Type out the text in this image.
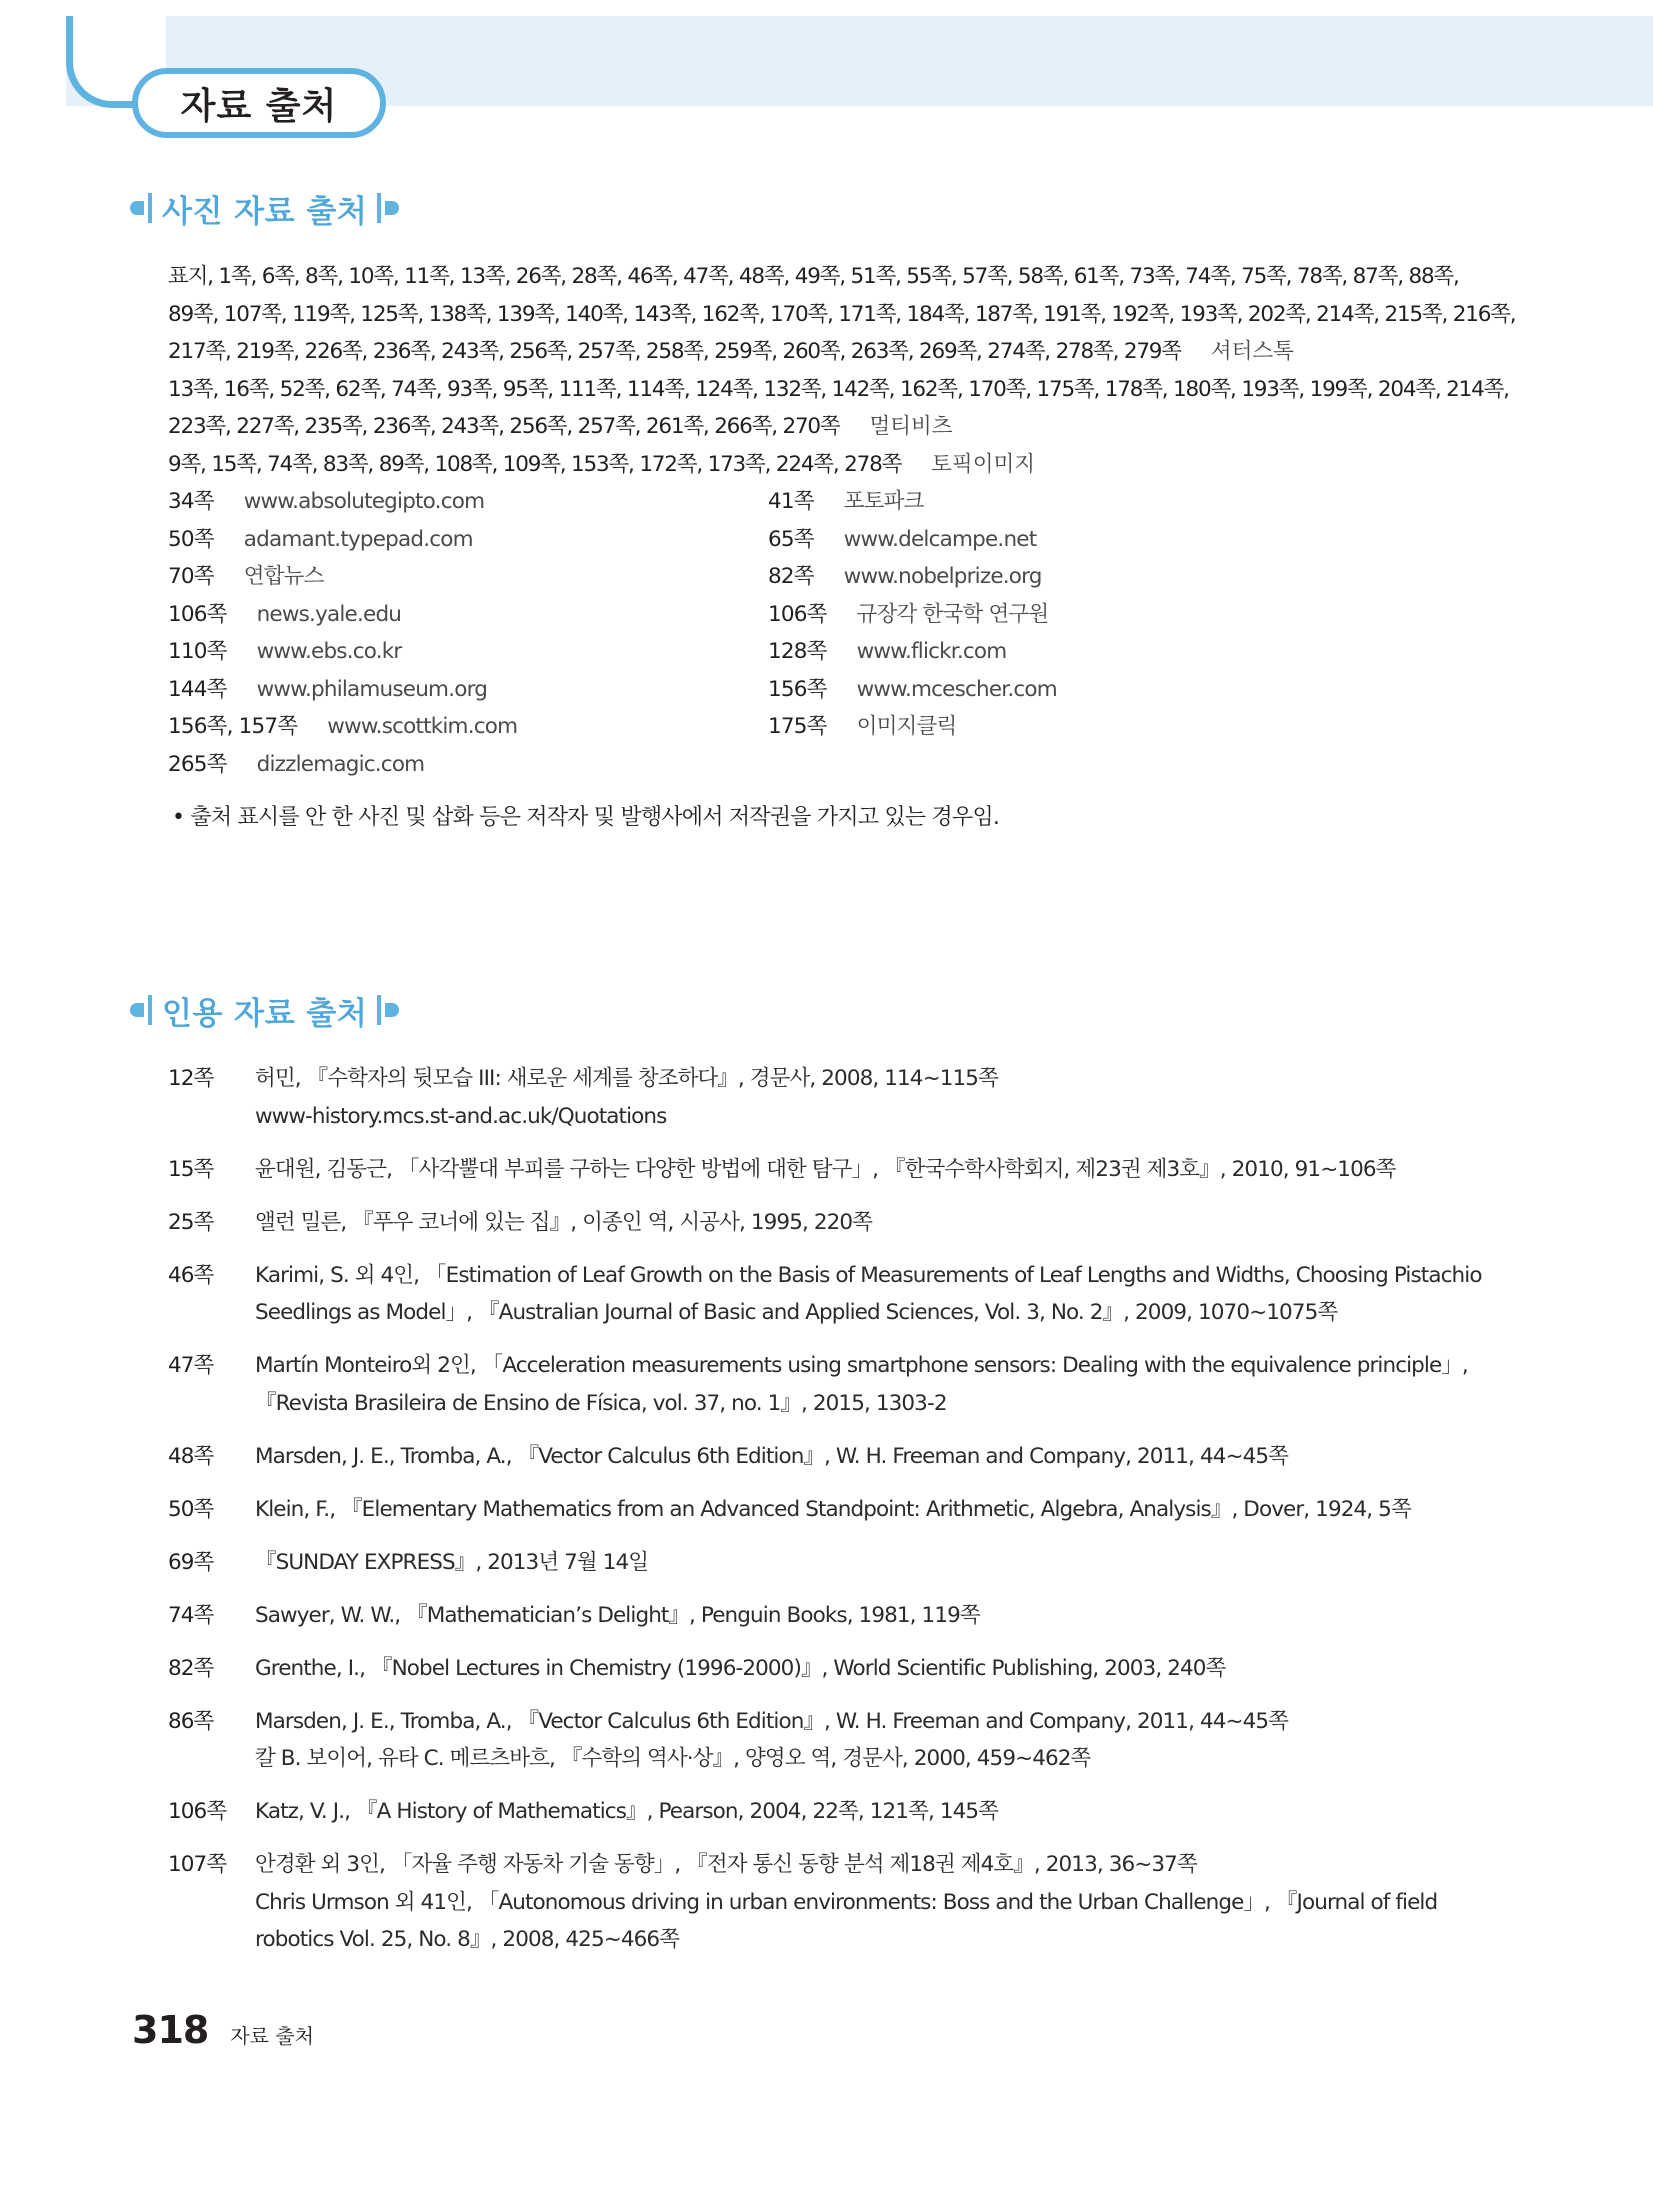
자료 출처
사진 자료 출처
표지, 1쪽, 6쪽, 8쪽, 10쪽, 11쪽, 13쪽, 26쪽, 28쪽, 46쪽, 47쪽, 48쪽, 49쪽, 51쪽, 55쪽, 57쪽, 58쪽, 61쪽, 73쪽, 74쪽, 75쪽, 78쪽, 87쪽, 88쪽,
89쪽, 107쪽, 119쪽, 125쪽, 138쪽, 139쪽, 140쪽, 143쪽, 162쪽, 170쪽, 171쪽, 184쪽, 187쪽, 191쪽, 192쪽, 193쪽, 202쪽, 214쪽, 215쪽, 216쪽,
217쪽, 219쪽, 226쪽, 236쪽, 243쪽, 256쪽, 257쪽, 258쪽, 259쪽, 260쪽, 263쪽, 269쪽, 274쪽, 278쪽, 279쪽 셔터스톡
13쪽, 16쪽, 52쪽, 62쪽, 74쪽, 93쪽, 95쪽, 111쪽, 114쪽, 124쪽, 132쪽, 142쪽, 162쪽, 170쪽, 175쪽, 178쪽, 180쪽, 193쪽, 199쪽, 204쪽, 214쪽,
223쪽, 227쪽, 235쪽, 236쪽, 243쪽, 256쪽, 257쪽, 261쪽, 266쪽, 270쪽 멀티비츠
9쪽, 15쪽, 74쪽, 83쪽, 89쪽, 108쪽, 109쪽, 153쪽, 172쪽, 173쪽, 224쪽, 278쪽 토픽이미지
34쪽 www.absolutegipto.com	41쪽 포토파크
50쪽 adamant.typepad.com	65쪽 www.delcampe.net
70쪽 연합뉴스	82쪽 www.nobelprize.org
106쪽 news.yale.edu	106쪽 규장각 한국학 연구원
110쪽 www.ebs.co.kr	128쪽 www.flickr.com
144쪽 www.philamuseum.org	156쪽 www.mcescher.com
156쪽, 157쪽 www.scottkim.com	175쪽 이미지클릭
265쪽 dizzlemagic.com
• 출처 표시를 안 한 사진 및 삽화 등은 저작자 및 발행사에서 저작권을 가지고 있는 경우임.
인용 자료 출처
12쪽	허민, 『수학자의 뒷모습 III: 새로운 세계를 창조하다』, 경문사, 2008, 114~115쪽
www-history.mcs.st-and.ac.uk/Quotations
15쪽	윤대원, 김동근, 「사각뿔대 부피를 구하는 다양한 방법에 대한 탐구」, 『한국수학사학회지, 제23권 제3호』, 2010, 91~106쪽
25쪽	앨런 밀른, 『푸우 코너에 있는 집』, 이종인 역, 시공사, 1995, 220쪽
46쪽	Karimi, S. 외 4인, 「Estimation of Leaf Growth on the Basis of Measurements of Leaf Lengths and Widths, Choosing Pistachio
Seedlings as Model」, 『Australian Journal of Basic and Applied Sciences, Vol. 3, No. 2』, 2009, 1070~1075쪽
47쪽	Martín Monteiro외 2인, 「Acceleration measurements using smartphone sensors: Dealing with the equivalence principle」,
『Revista Brasileira de Ensino de Física, vol. 37, no. 1』, 2015, 1303-2
48쪽	Marsden, J. E., Tromba, A., 『Vector Calculus 6th Edition』, W. H. Freeman and Company, 2011, 44~45쪽
50쪽	Klein, F., 『Elementary Mathematics from an Advanced Standpoint: Arithmetic, Algebra, Analysis』, Dover, 1924, 5쪽
69쪽	『SUNDAY EXPRESS』, 2013년 7월 14일
74쪽	Sawyer, W. W., 『Mathematician’s Delight』, Penguin Books, 1981, 119쪽
82쪽	Grenthe, I., 『Nobel Lectures in Chemistry (1996-2000)』, World Scientific Publishing, 2003, 240쪽
86쪽	Marsden, J. E., Tromba, A., 『Vector Calculus 6th Edition』, W. H. Freeman and Company, 2011, 44~45쪽
칼 B. 보이어, 유타 C. 메르츠바흐, 『수학의 역사·상』, 양영오 역, 경문사, 2000, 459~462쪽
106쪽	Katz, V. J., 『A History of Mathematics』, Pearson, 2004, 22쪽, 121쪽, 145쪽
107쪽	안경환 외 3인, 「자율 주행 자동차 기술 동향」, 『전자 통신 동향 분석 제18권 제4호』, 2013, 36~37쪽
Chris Urmson 외 41인, 「Autonomous driving in urban environments: Boss and the Urban Challenge」, 『Journal of field
robotics Vol. 25, No. 8』, 2008, 425~466쪽
318 자료 출처
